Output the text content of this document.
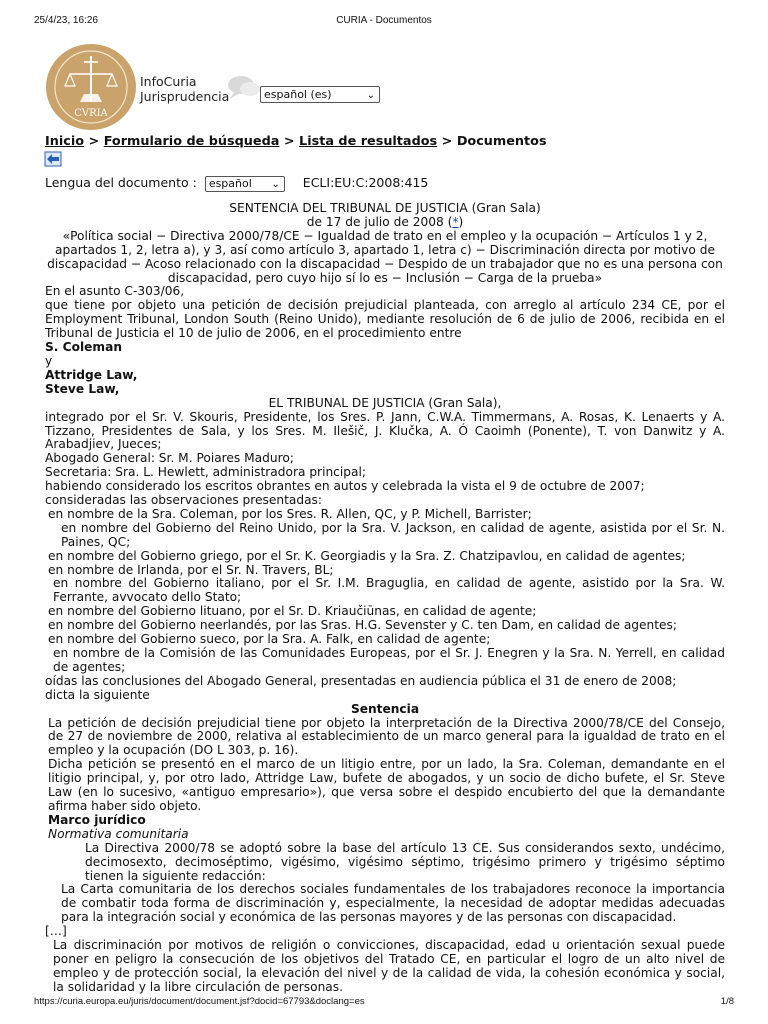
25/4/23, 16:26	CURIA - Documentos
CVRIA
InfoCuria
Jurisprudencia	español (es)	⌄
Inicio > Formulario de búsqueda > Lista de resultados > Documentos
Lengua del documento : español ⌄ ECLI:EU:C:2008:415

SENTENCIA DEL TRIBUNAL DE JUSTICIA (Gran Sala)

de 17 de julio de 2008 (*)

«Política social − Directiva 2000/78/CE − Igualdad de trato en el empleo y la ocupación − Artículos 1 y 2, apartados 1, 2, letra a), y 3, así como artículo 3, apartado 1, letra c) − Discriminación directa por motivo de discapacidad − Acoso relacionado con la discapacidad − Despido de un trabajador que no es una persona con discapacidad, pero cuyo hijo sí lo es − Inclusión − Carga de la prueba»

En el asunto C‑303/06,

que tiene por objeto una petición de decisión prejudicial planteada, con arreglo al artículo 234 CE, por el Employment Tribunal, London South (Reino Unido), mediante resolución de 6 de julio de 2006, recibida en el Tribunal de Justicia el 10 de julio de 2006, en el procedimiento entre

S. Coleman

y

Attridge Law,

Steve Law,

EL TRIBUNAL DE JUSTICIA (Gran Sala),

integrado por el Sr. V. Skouris, Presidente, los Sres. P. Jann, C.W.A. Timmermans, A. Rosas, K. Lenaerts y A. Tizzano, Presidentes de Sala, y los Sres. M. Ilešič, J. Klučka, A. Ó Caoimh (Ponente), T. von Danwitz y A. Arabadjiev, Jueces;

Abogado General: Sr. M. Poiares Maduro;

Secretaria: Sra. L. Hewlett, administradora principal;

habiendo considerado los escritos obrantes en autos y celebrada la vista el 9 de octubre de 2007;

consideradas las observaciones presentadas:

en nombre de la Sra. Coleman, por los Sres. R. Allen, QC, y P. Michell, Barrister;

en nombre del Gobierno del Reino Unido, por la Sra. V. Jackson, en calidad de agente, asistida por el Sr. N. Paines, QC;

en nombre del Gobierno griego, por el Sr. K. Georgiadis y la Sra. Z. Chatzipavlou, en calidad de agentes;

en nombre de Irlanda, por el Sr. N. Travers, BL;

en nombre del Gobierno italiano, por el Sr. I.M. Braguglia, en calidad de agente, asistido por la Sra. W. Ferrante, avvocato dello Stato;

en nombre del Gobierno lituano, por el Sr. D. Kriaučiūnas, en calidad de agente;

en nombre del Gobierno neerlandés, por las Sras. H.G. Sevenster y C. ten Dam, en calidad de agentes;

en nombre del Gobierno sueco, por la Sra. A. Falk, en calidad de agente;

en nombre de la Comisión de las Comunidades Europeas, por el Sr. J. Enegren y la Sra. N. Yerrell, en calidad de agentes;

oídas las conclusiones del Abogado General, presentadas en audiencia pública el 31 de enero de 2008;

dicta la siguiente

Sentencia

La petición de decisión prejudicial tiene por objeto la interpretación de la Directiva 2000/78/CE del Consejo, de 27 de noviembre de 2000, relativa al establecimiento de un marco general para la igualdad de trato en el empleo y la ocupación (DO L 303, p. 16).

Dicha petición se presentó en el marco de un litigio entre, por un lado, la Sra. Coleman, demandante en el litigio principal, y, por otro lado, Attridge Law, bufete de abogados, y un socio de dicho bufete, el Sr. Steve Law (en lo sucesivo, «antiguo empresario»), que versa sobre el despido encubierto del que la demandante afirma haber sido objeto.

Marco jurídico

Normativa comunitaria

La Directiva 2000/78 se adoptó sobre la base del artículo 13 CE. Sus considerandos sexto, undécimo, decimosexto, decimoséptimo, vigésimo, vigésimo séptimo, trigésimo primero y trigésimo séptimo tienen la siguiente redacción:

La Carta comunitaria de los derechos sociales fundamentales de los trabajadores reconoce la importancia de combatir toda forma de discriminación y, especialmente, la necesidad de adoptar medidas adecuadas para la integración social y económica de las personas mayores y de las personas con discapacidad.

[…]

La discriminación por motivos de religión o convicciones, discapacidad, edad u orientación sexual puede poner en peligro la consecución de los objetivos del Tratado CE, en particular el logro de un alto nivel de empleo y de protección social, la elevación del nivel y de la calidad de vida, la cohesión económica y social, la solidaridad y la libre circulación de personas.

https://curia.europa.eu/juris/document/document.jsf?docid=67793&doclang=es	1/8
